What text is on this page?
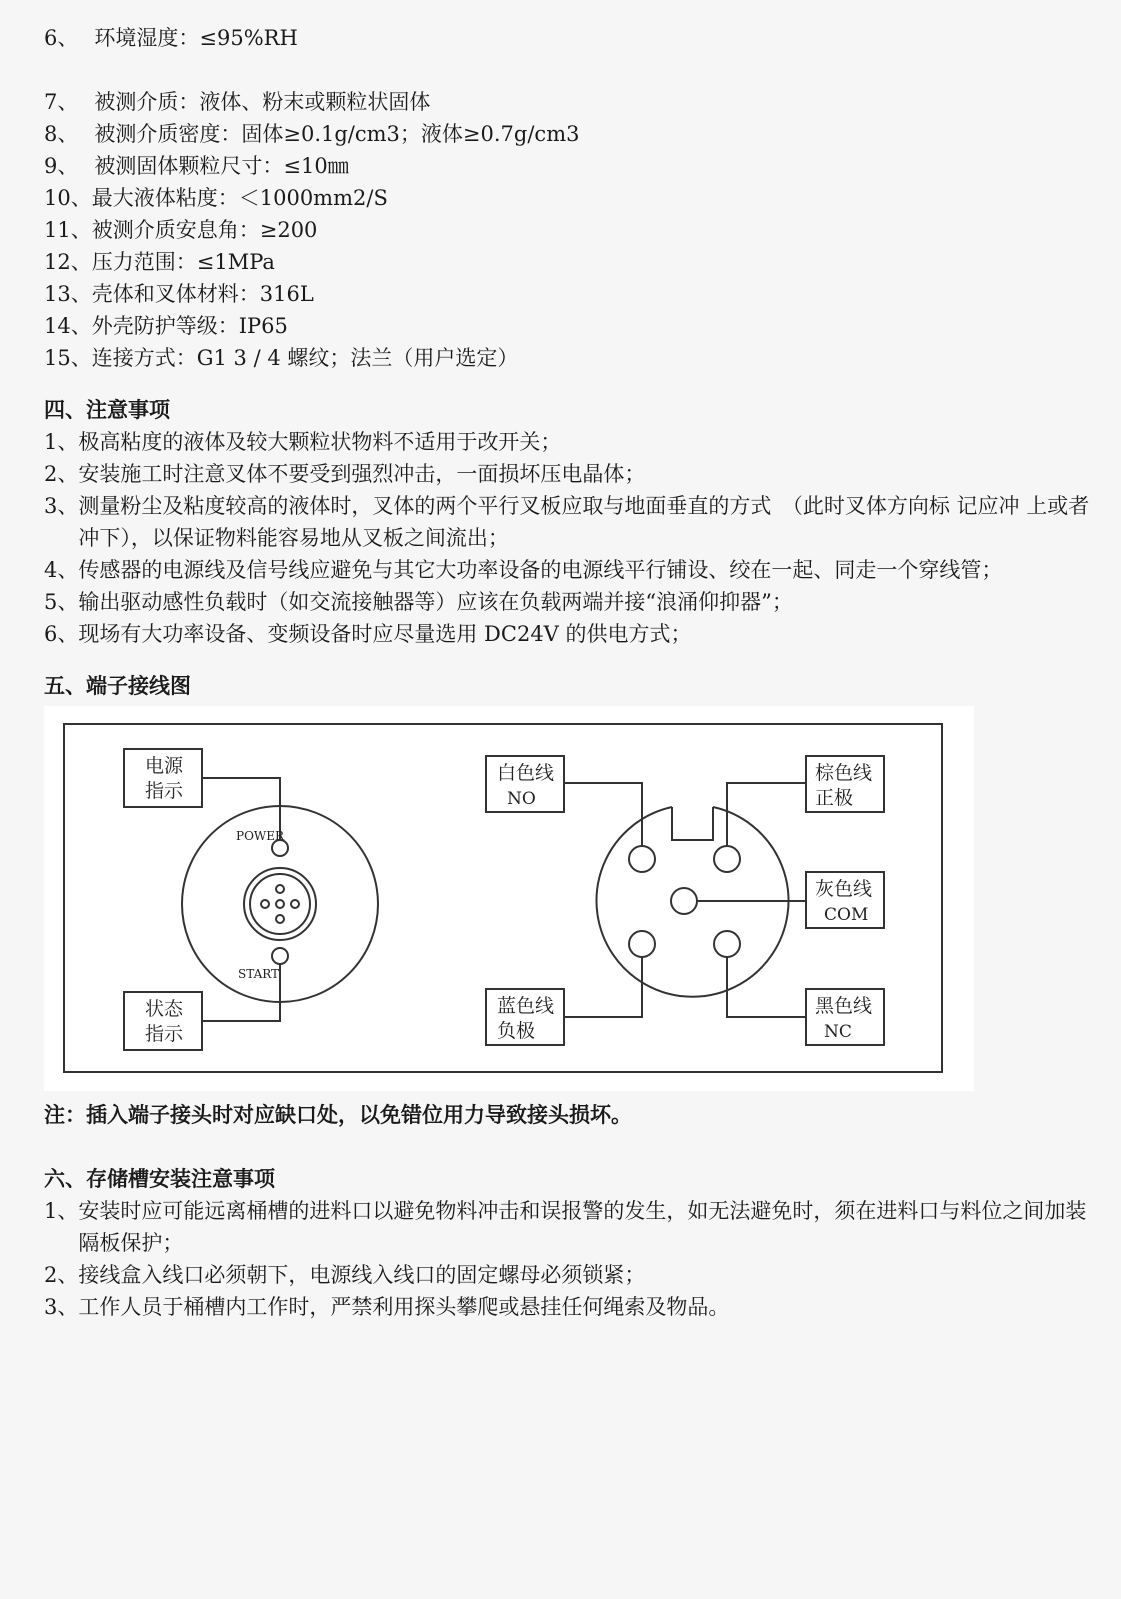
6、 环境湿度：≤95%RH
7、 被测介质：液体、粉末或颗粒状固体
8、 被测介质密度：固体≥0.1g/cm3；液体≥0.7g/cm3
9、 被测固体颗粒尺寸：≤10㎜
10、 最大液体粘度：＜1000mm2/S
11、 被测介质安息角：≥200
12、 压力范围：≤1MPa
13、 壳体和叉体材料：316L
14、 外壳防护等级：IP65
15、 连接方式：G1 3 / 4 螺纹；法兰（用户选定）
四、注意事项
1、 极高粘度的液体及较大颗粒状物料不适用于改开关；
2、 安装施工时注意叉体不要受到强烈冲击，一面损坏压电晶体；
3、 测量粉尘及粘度较高的液体时，叉体的两个平行叉板应取与地面垂直的方式　（此时叉体方向标 记应冲 上或者冲下），以保证物料能容易地从叉板之间流出；
4、 传感器的电源线及信号线应避免与其它大功率设备的电源线平行铺设、绞在一起、同走一个穿线管；
5、 输出驱动感性负载时（如交流接触器等）应该在负载两端并接“浪涌仰抑器”；
6、 现场有大功率设备、变频设备时应尽量选用 DC24V 的供电方式；
五、端子接线图
电源
指示
状态
指示
白色线
NO
棕色线
正极
灰色线
COM
蓝色线
负极
黑色线
NC
POWER
START
注：插入端子接头时对应缺口处，以免错位用力导致接头损坏。
六、存储槽安装注意事项
1、 安装时应可能远离桶槽的进料口以避免物料冲击和误报警的发生，如无法避免时，须在进料口与料位之间加装隔板保护；
2、 接线盒入线口必须朝下，电源线入线口的固定螺母必须锁紧；
3、 工作人员于桶槽内工作时，严禁利用探头攀爬或悬挂任何绳索及物品。
